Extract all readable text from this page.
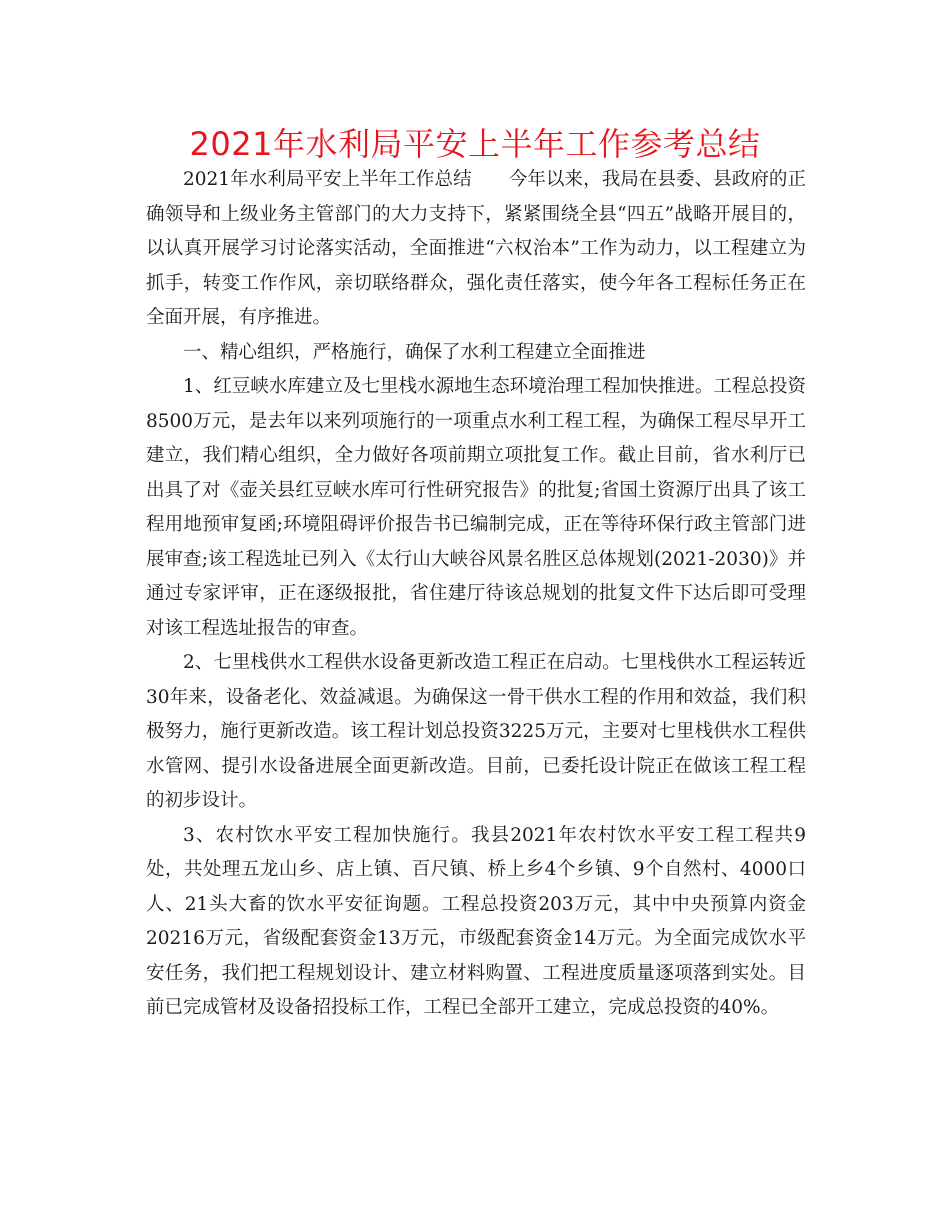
2021年水利局平安上半年工作参考总结

2021年水利局平安上半年工作总结　　今年以来，我局在县委、县政府的正确领导和上级业务主管部门的大力支持下，紧紧围绕全县“四五”战略开展目的，以认真开展学习讨论落实活动，全面推进“六权治本”工作为动力，以工程建立为抓手，转变工作作风，亲切联络群众，强化责任落实，使今年各工程标任务正在全面开展，有序推进。

一、精心组织，严格施行，确保了水利工程建立全面推进

1、红豆峡水库建立及七里栈水源地生态环境治理工程加快推进。工程总投资8500万元，是去年以来列项施行的一项重点水利工程工程，为确保工程尽早开工建立，我们精心组织，全力做好各项前期立项批复工作。截止目前，省水利厅已出具了对《壶关县红豆峡水库可行性研究报告》的批复;省国土资源厅出具了该工程用地预审复函;环境阻碍评价报告书已编制完成，正在等待环保行政主管部门进展审查;该工程选址已列入《太行山大峡谷风景名胜区总体规划(2021-2030)》并通过专家评审，正在逐级报批，省住建厅待该总规划的批复文件下达后即可受理对该工程选址报告的审查。

2、七里栈供水工程供水设备更新改造工程正在启动。七里栈供水工程运转近30年来，设备老化、效益减退。为确保这一骨干供水工程的作用和效益，我们积极努力，施行更新改造。该工程计划总投资3225万元，主要对七里栈供水工程供水管网、提引水设备进展全面更新改造。目前，已委托设计院正在做该工程工程的初步设计。

3、农村饮水平安工程加快施行。我县2021年农村饮水平安工程工程共9处，共处理五龙山乡、店上镇、百尺镇、桥上乡4个乡镇、9个自然村、4000口人、21头大畜的饮水平安征询题。工程总投资203万元，其中中央预算内资金20216万元，省级配套资金13万元，市级配套资金14万元。为全面完成饮水平安任务，我们把工程规划设计、建立材料购置、工程进度质量逐项落到实处。目前已完成管材及设备招投标工作，工程已全部开工建立，完成总投资的40%。
